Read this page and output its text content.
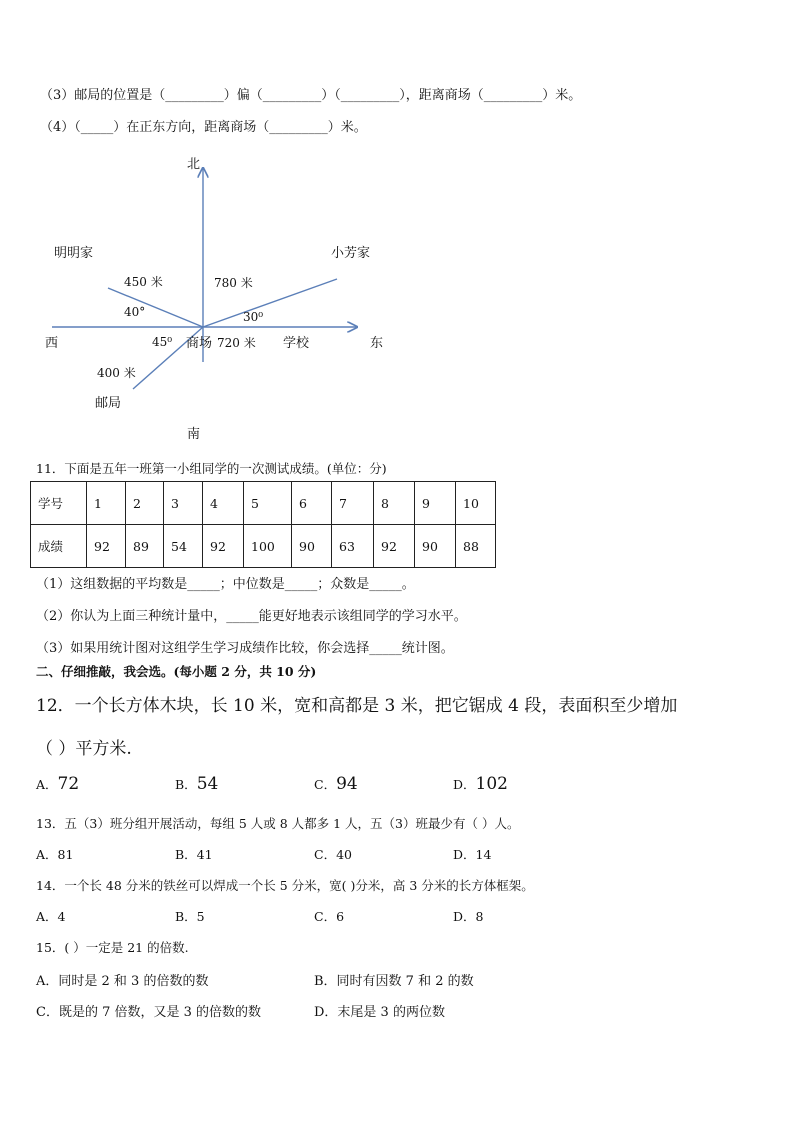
（3）邮局的位置是（_________）偏（_________）（_________），距离商场（_________）米。
（4）（_____）在正东方向，距离商场（_________）米。
北
南
西	东
明明家	小芳家
邮局
商场	学校
450 米	780 米
720 米
400 米
40°	30⁰
45⁰
11．下面是五年一班第一小组同学的一次测试成绩。(单位：分)
学号	1	2	3	4	5	6	7	8	9	10
成绩	92	89	54	92	100	90	63	92	90	88
（1）这组数据的平均数是_____；中位数是_____；众数是_____。
（2）你认为上面三种统计量中，_____能更好地表示该组同学的学习水平。
（3）如果用统计图对这组学生学习成绩作比较，你会选择_____统计图。
二、仔细推敲，我会选。(每小题 2 分，共 10 分)
12．一个长方体木块，长 10 米，宽和高都是 3 米，把它锯成 4 段，表面积至少增加
（ ）平方米.
A．72	B．54	C．94	D．102
13．五（3）班分组开展活动，每组 5 人或 8 人都多 1 人，五（3）班最少有（ ）人。
A．81	B．41	C．40	D．14
14．一个长 48 分米的铁丝可以焊成一个长 5 分米，宽( )分米，高 3 分米的长方体框架。
A．4	B．5	C．6	D．8
15．( ）一定是 21 的倍数.
A．同时是 2 和 3 的倍数的数	B．同时有因数 7 和 2 的数
C．既是的 7 倍数，又是 3 的倍数的数	D．末尾是 3 的两位数
